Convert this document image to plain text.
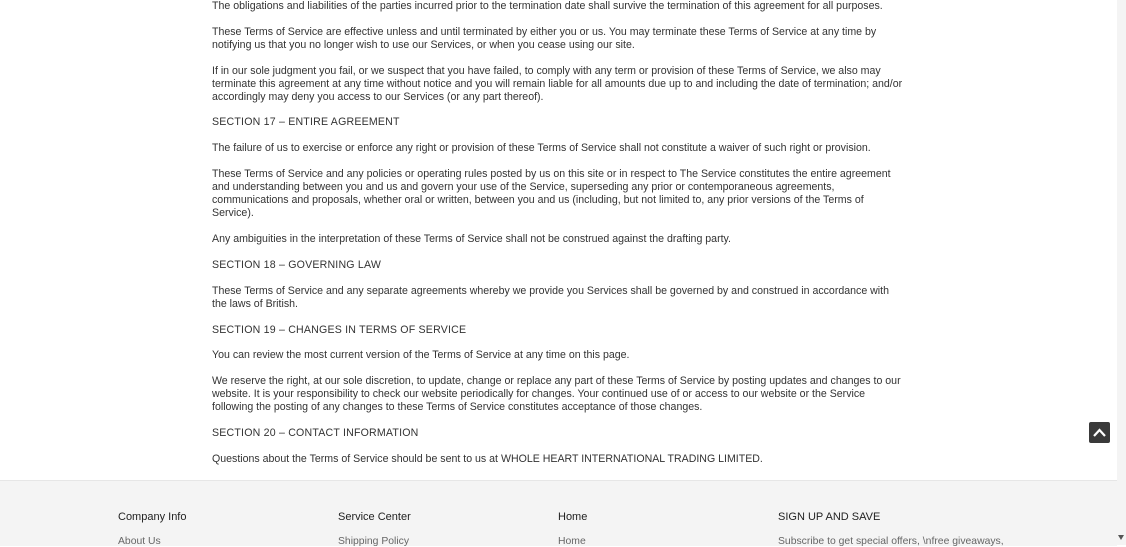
The obligations and liabilities of the parties incurred prior to the termination date shall survive the termination of this agreement for all purposes.

These Terms of Service are effective unless and until terminated by either you or us. You may terminate these Terms of Service at any time by notifying us that you no longer wish to use our Services, or when you cease using our site.

If in our sole judgment you fail, or we suspect that you have failed, to comply with any term or provision of these Terms of Service, we also may terminate this agreement at any time without notice and you will remain liable for all amounts due up to and including the date of termination; and/or accordingly may deny you access to our Services (or any part thereof).

SECTION 17 – ENTIRE AGREEMENT

The failure of us to exercise or enforce any right or provision of these Terms of Service shall not constitute a waiver of such right or provision.

These Terms of Service and any policies or operating rules posted by us on this site or in respect to The Service constitutes the entire agreement and understanding between you and us and govern your use of the Service, superseding any prior or contemporaneous agreements, communications and proposals, whether oral or written, between you and us (including, but not limited to, any prior versions of the Terms of Service).

Any ambiguities in the interpretation of these Terms of Service shall not be construed against the drafting party.

SECTION 18 – GOVERNING LAW

These Terms of Service and any separate agreements whereby we provide you Services shall be governed by and construed in accordance with the laws of British.

SECTION 19 – CHANGES IN TERMS OF SERVICE

You can review the most current version of the Terms of Service at any time on this page.

We reserve the right, at our sole discretion, to update, change or replace any part of these Terms of Service by posting updates and changes to our website. It is your responsibility to check our website periodically for changes. Your continued use of or access to our website or the Service following the posting of any changes to these Terms of Service constitutes acceptance of those changes.

SECTION 20 – CONTACT INFORMATION

Questions about the Terms of Service should be sent to us at WHOLE HEART INTERNATIONAL TRADING LIMITED.

Company Info
About Us
Service Center
Shipping Policy
Home
Home
SIGN UP AND SAVE
Subscribe to get special offers, \nfree giveaways,
